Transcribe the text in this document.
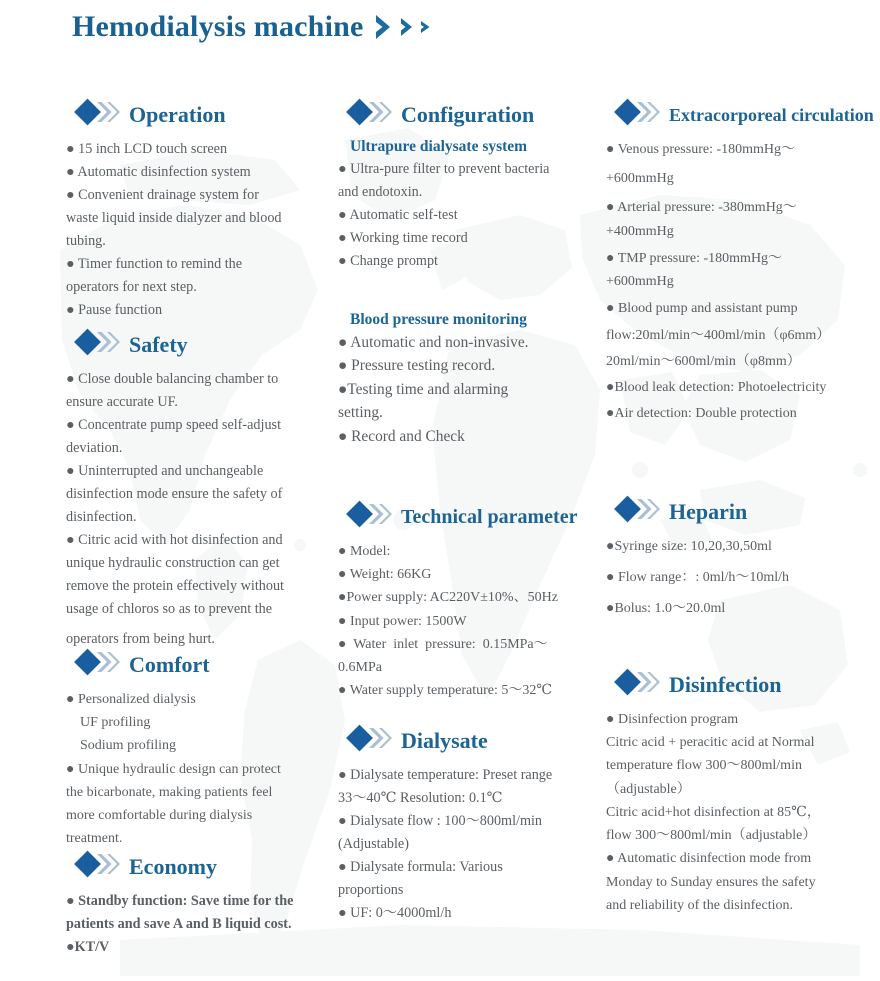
Hemodialysis machine
Operation
● 15 inch LCD touch screen
● Automatic disinfection system
● Convenient drainage system for
waste liquid inside dialyzer and blood
tubing.
● Timer function to remind the
operators for next step.
● Pause function
Safety
● Close double balancing chamber to
ensure accurate UF.
● Concentrate pump speed self-adjust
deviation.
● Uninterrupted and unchangeable
disinfection mode ensure the safety of
disinfection.
● Citric acid with hot disinfection and
unique hydraulic construction can get
remove the protein effectively without
usage of chloros so as to prevent the
operators from being hurt.
Comfort
● Personalized dialysis
UF profiling
Sodium profiling
● Unique hydraulic design can protect
the bicarbonate, making patients feel
more comfortable during dialysis
treatment.
Economy
● Standby function: Save time for the
patients and save A and B liquid cost.
●KT/V
Configuration
Ultrapure dialysate system
● Ultra-pure filter to prevent bacteria
and endotoxin.
● Automatic self-test
● Working time record
● Change prompt
Blood pressure monitoring
● Automatic and non-invasive.
● Pressure testing record.
●Testing time and alarming
setting.
● Record and Check
Technical parameter
● Model:
● Weight: 66KG
●Power supply: AC220V±10%、50Hz
● Input power: 1500W
●  Water  inlet  pressure:  0.15MPa～
0.6MPa
● Water supply temperature: 5～32℃
Dialysate
● Dialysate temperature: Preset range
33～40℃ Resolution: 0.1℃
● Dialysate flow : 100～800ml/min
(Adjustable)
● Dialysate formula: Various
proportions
● UF: 0～4000ml/h
Extracorporeal circulation
● Venous pressure: -180mmHg～
+600mmHg
● Arterial pressure: -380mmHg～
+400mmHg
● TMP pressure: -180mmHg～
+600mmHg
● Blood pump and assistant pump
flow:20ml/min～400ml/min（φ6mm）
20ml/min～600ml/min（φ8mm）
●Blood leak detection: Photoelectricity
●Air detection: Double protection
Heparin
●Syringe size: 10,20,30,50ml
● Flow range：: 0ml/h～10ml/h
●Bolus: 1.0～20.0ml
Disinfection
● Disinfection program
Citric acid + peracitic acid at Normal
temperature flow 300～800ml/min
（adjustable）
Citric acid+hot disinfection at 85℃，
flow 300～800ml/min（adjustable）
● Automatic disinfection mode from
Monday to Sunday ensures the safety
and reliability of the disinfection.
